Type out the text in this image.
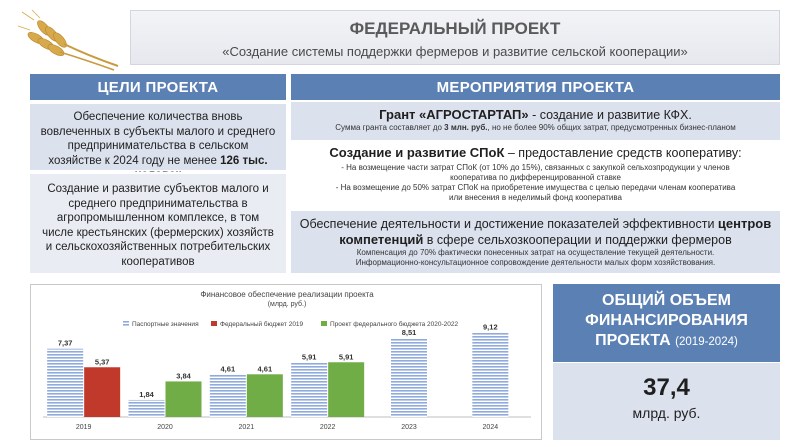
ФЕДЕРАЛЬНЫЙ ПРОЕКТ
«Создание системы поддержки фермеров и развитие сельской кооперации»
ЦЕЛИ ПРОЕКТА	МЕРОПРИЯТИЯ ПРОЕКТА
Обеспечение количества вновь вовлеченных в субъекты малого и среднего предпринимательства в сельском хозяйстве к 2024 году не менее 126 тыс.
Создание и развитие субъектов малого и среднего предпринимательства в агропромышленном комплексе, в том числе крестьянских (фермерских) хозяйств и сельскохозяйственных потребительских кооперативов
Грант «АГРОСТАРТАП» - создание и развитие КФХ.
Сумма гранта составляет до 3 млн. руб., но не более 90% общих затрат, предусмотренных бизнес-планом
Создание и развитие СПоК – предоставление средств кооперативу:
- На возмещение части затрат СПоК (от 10% до 15%), связанных с закупкой сельхозпродукции у членов кооператива по дифференцированной ставке
- На возмещение до 50% затрат СПоК на приобретение имущества с целью передачи членам кооператива или внесения в неделимый фонд кооператива
Обеспечение деятельности и достижение показателей эффективности центров
компетенций в сфере сельхозкооперации и поддержки фермеров
Компенсация до 70% фактически понесенных затрат на осуществление текущей деятельности.
Информационно-консультационное сопровождение деятельности малых форм хозяйствования.
Финансовое обеспечение реализации проекта
(млрд. руб.)
Паспортные значения	Федеральный бюджет 2019	Проект федерального бюджета 2020-2022
7,37
5,37
2019
1,84
3,84
2020
4,61	4,61
2021
5,91	5,91
2022
8,51
2023
9,12
2024
ОБЩИЙ ОБЪЕМ
ФИНАНСИРОВАНИЯ
ПРОЕКТА (2019-2024)
37,4
млрд. руб.
